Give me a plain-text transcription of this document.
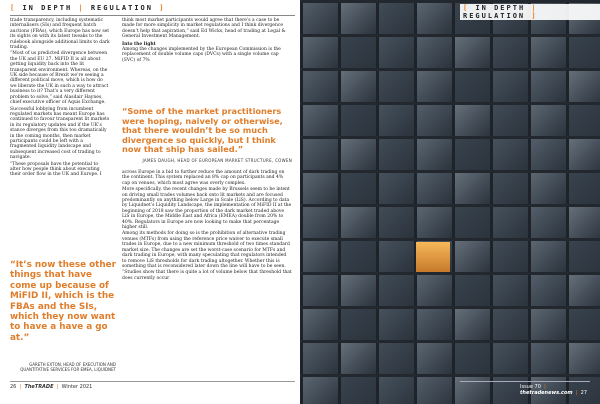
[ IN DEPTH | REGULATION ]

trade transparency, including systematic internalisers (SIs) and frequent batch auctions (FBAs), which Europe has now set its sights on with its latest tweaks to the rulebook alongside additional limits to dark trading.

“Most of us predicted divergence between the UK and EU 27. MiFID II is all about getting liquidity back into the lit transparent environment. Whereas, on the UK side because of Brexit we’re seeing a different political move, which is how do we liberate the UK in such a way to attract business to it? That’s a very different problem to solve,” said Alasdair Haynes, chief executive officer of Aquis Exchange.

Successful lobbying from incumbent regulated markets has meant Europe has continued to favour transparent lit markets in its regulatory updates and if the UK’s stance diverges from this too dramatically in the coming months, then market participants could be left with a fragmented liquidity landscape and subsequent increased cost of trading to navigate.

“These proposals have the potential to alter how people think about executing their order flow in the UK and Europe. I

think most market participants would agree that there’s a case to be made for more simplicity in market regulations and I think divergence doesn’t help that aspiration,” said Ed Wicks, head of trading at Legal & General Investment Management.

Into the light

Among the changes implemented by the European Commission is the replacement of double volume caps (DVCs) with a single volume cap (SVC) of 7%

“Some of the market practitioners were hoping, naively or otherwise, that there wouldn’t be so much divergence so quickly, but I think now that ship has sailed.”
JAMES DAUGH, HEAD OF EUROPEAN MARKET STRUCTURE, COWEN

across Europe in a bid to further reduce the amount of dark trading on the continent. This system replaced an 8% cap on participants and 4% cap on venues, which most agree was overly complex.

More specifically, the recent changes made by Brussels seem to be intent on driving small trades volumes back onto lit markets and are focused predominantly on anything below Large in Scale (LiS). According to data by Liquidnet’s Liquidity Landscape, the implementation of MiFID II at the beginning of 2018 saw the proportion of the dark market traded above LiS in Europe, the Middle East and Africa (EMEA) double from 20% to 40%. Regulators in Europe are now looking to make that percentage higher still.

Among its methods for doing so is the prohibition of alternative trading venues (MTFs) from using the reference price waiver to execute small trades in Europe, due to a new minimum threshold of two times standard market size. The changes are set the worst-case scenario for MTFs and dark trading in Europe, with many speculating that regulators intended to remove LiS thresholds for dark trading altogether. Whether this is something that is reconsidered later down the line will have to be seen.

“Studies show that there is quite a lot of volume below that threshold that does currently occur

“It’s now these other things that have come up because of MiFID II, which is the FBAs and the SIs, which they now want to have a have a go at.”
GARETH EXTON, HEAD OF EXECUTION AND QUANTITATIVE SERVICES FOR EMEA, LIQUIDNET
26 | TheTRADE | Winter 2021
[ IN DEPTH | REGULATION ]
Issue 70 |  thetradenews.com | 27
